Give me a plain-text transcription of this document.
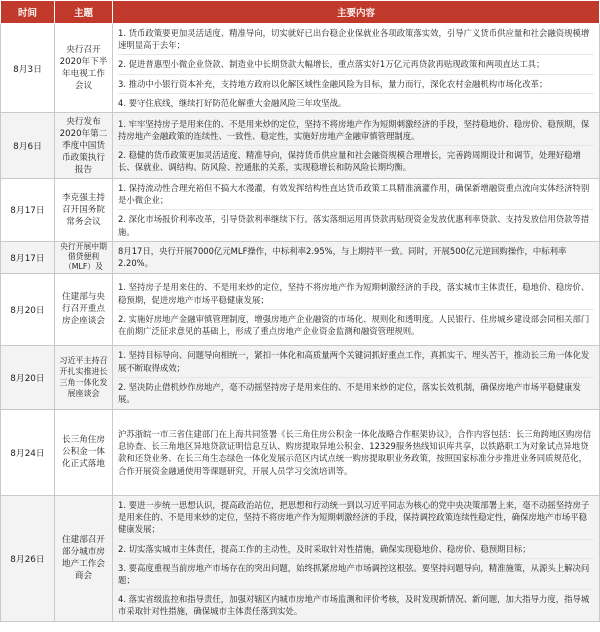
时间	主题	主要内容
8月3日	央行召开2020年下半年电视工作会议	1. 货币政策要更加灵活适度、精准导向，切实就好已出台稳企业保就业各项政策落实效，引导广义货币供应量和社会融资规模增速明显高于去年；
2. 促进普惠型小微企业贷款、制造业中长期贷款大幅增长，重点落实好1万亿元再贷款再贴现政策和两项直达工具；
3. 推动中小银行资本补充，支持地方政府以化解区域性金融风险为目标，量力而行，深化农村金融机构市场化改革；
4. 要守住底线，继续打好防范化解重大金融风险三年攻坚战。

8月6日	央行发布2020年第二季度中国货币政策执行报告	1. 牢牢坚持房子是用来住的、不是用来炒的定位，坚持不将房地产作为短期刺激经济的手段，坚持稳地价、稳房价、稳预期，保持房地产金融政策的连续性、一致性、稳定性，实施好房地产金融审慎管理制度。
2. 稳健的货币政策更加灵活适度、精准导向，保持货币供应量和社会融资规模合理增长，完善跨周期设计和调节，处理好稳增长、保就业、调结构、防风险、控通胀的关系，实现稳增长和防风险长期均衡。

8月17日	李克强主持召开国务院常务会议	1. 保持流动性合理充裕但不搞大水漫灌，有效发挥结构性直达货币政策工具精准滴灌作用，确保新增融资重点流向实体经济特别是小微企业；
2. 深化市场报价利率改革，引导贷款利率继续下行。落实落细运用再贷款再贴现资金发放优惠利率贷款、支持发放信用贷款等措施。

8月17日	央行开展中期借贷便利（MLF）及	8月17日，央行开展7000亿元MLF操作，中标利率2.95%，与上期持平一致。同时，开展500亿元逆回购操作，中标利率2.20%。

8月20日	住建部与央行召开重点房企座谈会	1. 坚持房子是用来住的、不是用来炒的定位，坚持不将房地产作为短期刺激经济的手段，落实城市主体责任，稳地价、稳房价、稳预期，促进房地产市场平稳健康发展；
2. 实施好房地产金融审慎管理制度，增强房地产企业融资的市场化、规则化和透明度。人民银行、住房城乡建设部会同相关部门在前期广泛征求意见的基础上，形成了重点房地产企业资金监测和融资管理规则。

8月20日	习近平主持召开扎实推进长三角一体化发展座谈会	1. 坚持目标导向、问题导向相统一，紧扣一体化和高质量两个关键词抓好重点工作，真抓实干、埋头苦干，推动长三角一体化发展不断取得成效；
2. 坚决防止借机炒作房地产，毫不动摇坚持房子是用来住的、不是用来炒的定位，落实长效机制，确保房地产市场平稳健康发展。

8月24日	长三角住房公积金一体化正式落地	沪苏浙皖一市三省住建部门在上海共同签署《长三角住房公积金一体化战略合作框架协议》，合作内容包括：长三角跨地区购房信息协查、长三角地区异地贷款证明信息互认、购房提取异地公积金、12329服务热线知识库共享，以铁路职工为对象试点异地贷款和还贷业务、在长三角生态绿色一体化发展示范区内试点统一购房提取职业务政策，按照国家标准分步推进业务同质规范化，合作开展资金融通使用等课题研究，开展人员学习交流培训等。

8月26日	住建部召开部分城市房地产工作会商会	1. 要进一步统一思想认识，提高政治站位，把思想和行动统一到以习近平同志为核心的党中央决策部署上来，毫不动摇坚持房子是用来住的、不是用来炒的定位，坚持不将房地产作为短期刺激经济的手段，保持调控政策连续性稳定性，确保房地产市场平稳健康发展；
2. 切实落实城市主体责任，提高工作的主动性，及时采取针对性措施，确保实现稳地价、稳房价、稳预期目标；
3. 要高度重视当前房地产市场存在的突出问题，始终抓紧房地产市场调控这根弦。要坚持问题导向，精准施策，从源头上解决问题；
4. 落实省级监控和指导责任，加强对辖区内城市房地产市场监测和评价考核，及时发现新情况、新问题，加大指导力度，指导城市采取针对性措施，确保城市主体责任落到实处。
